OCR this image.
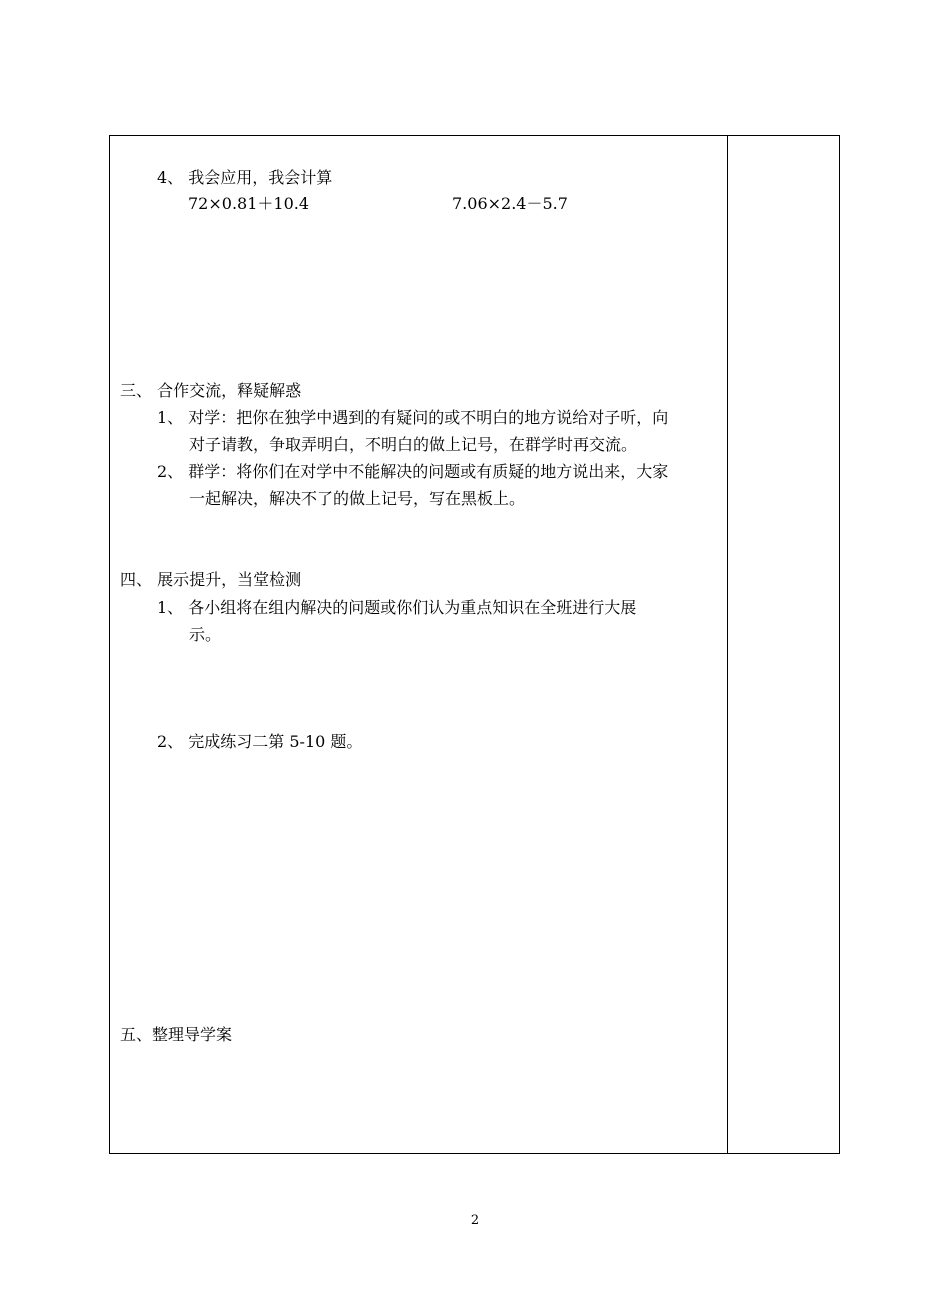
4、 我会应用，我会计算
72×0.81＋10.4	7.06×2.4－5.7
三、 合作交流，释疑解惑
1、 对学：把你在独学中遇到的有疑问的或不明白的地方说给对子听，向
对子请教，争取弄明白，不明白的做上记号，在群学时再交流。
2、 群学：将你们在对学中不能解决的问题或有质疑的地方说出来，大家
一起解决，解决不了的做上记号，写在黑板上。
四、 展示提升，当堂检测
1、 各小组将在组内解决的问题或你们认为重点知识在全班进行大展
示。
2、 完成练习二第 5-10 题。
五、整理导学案
2
